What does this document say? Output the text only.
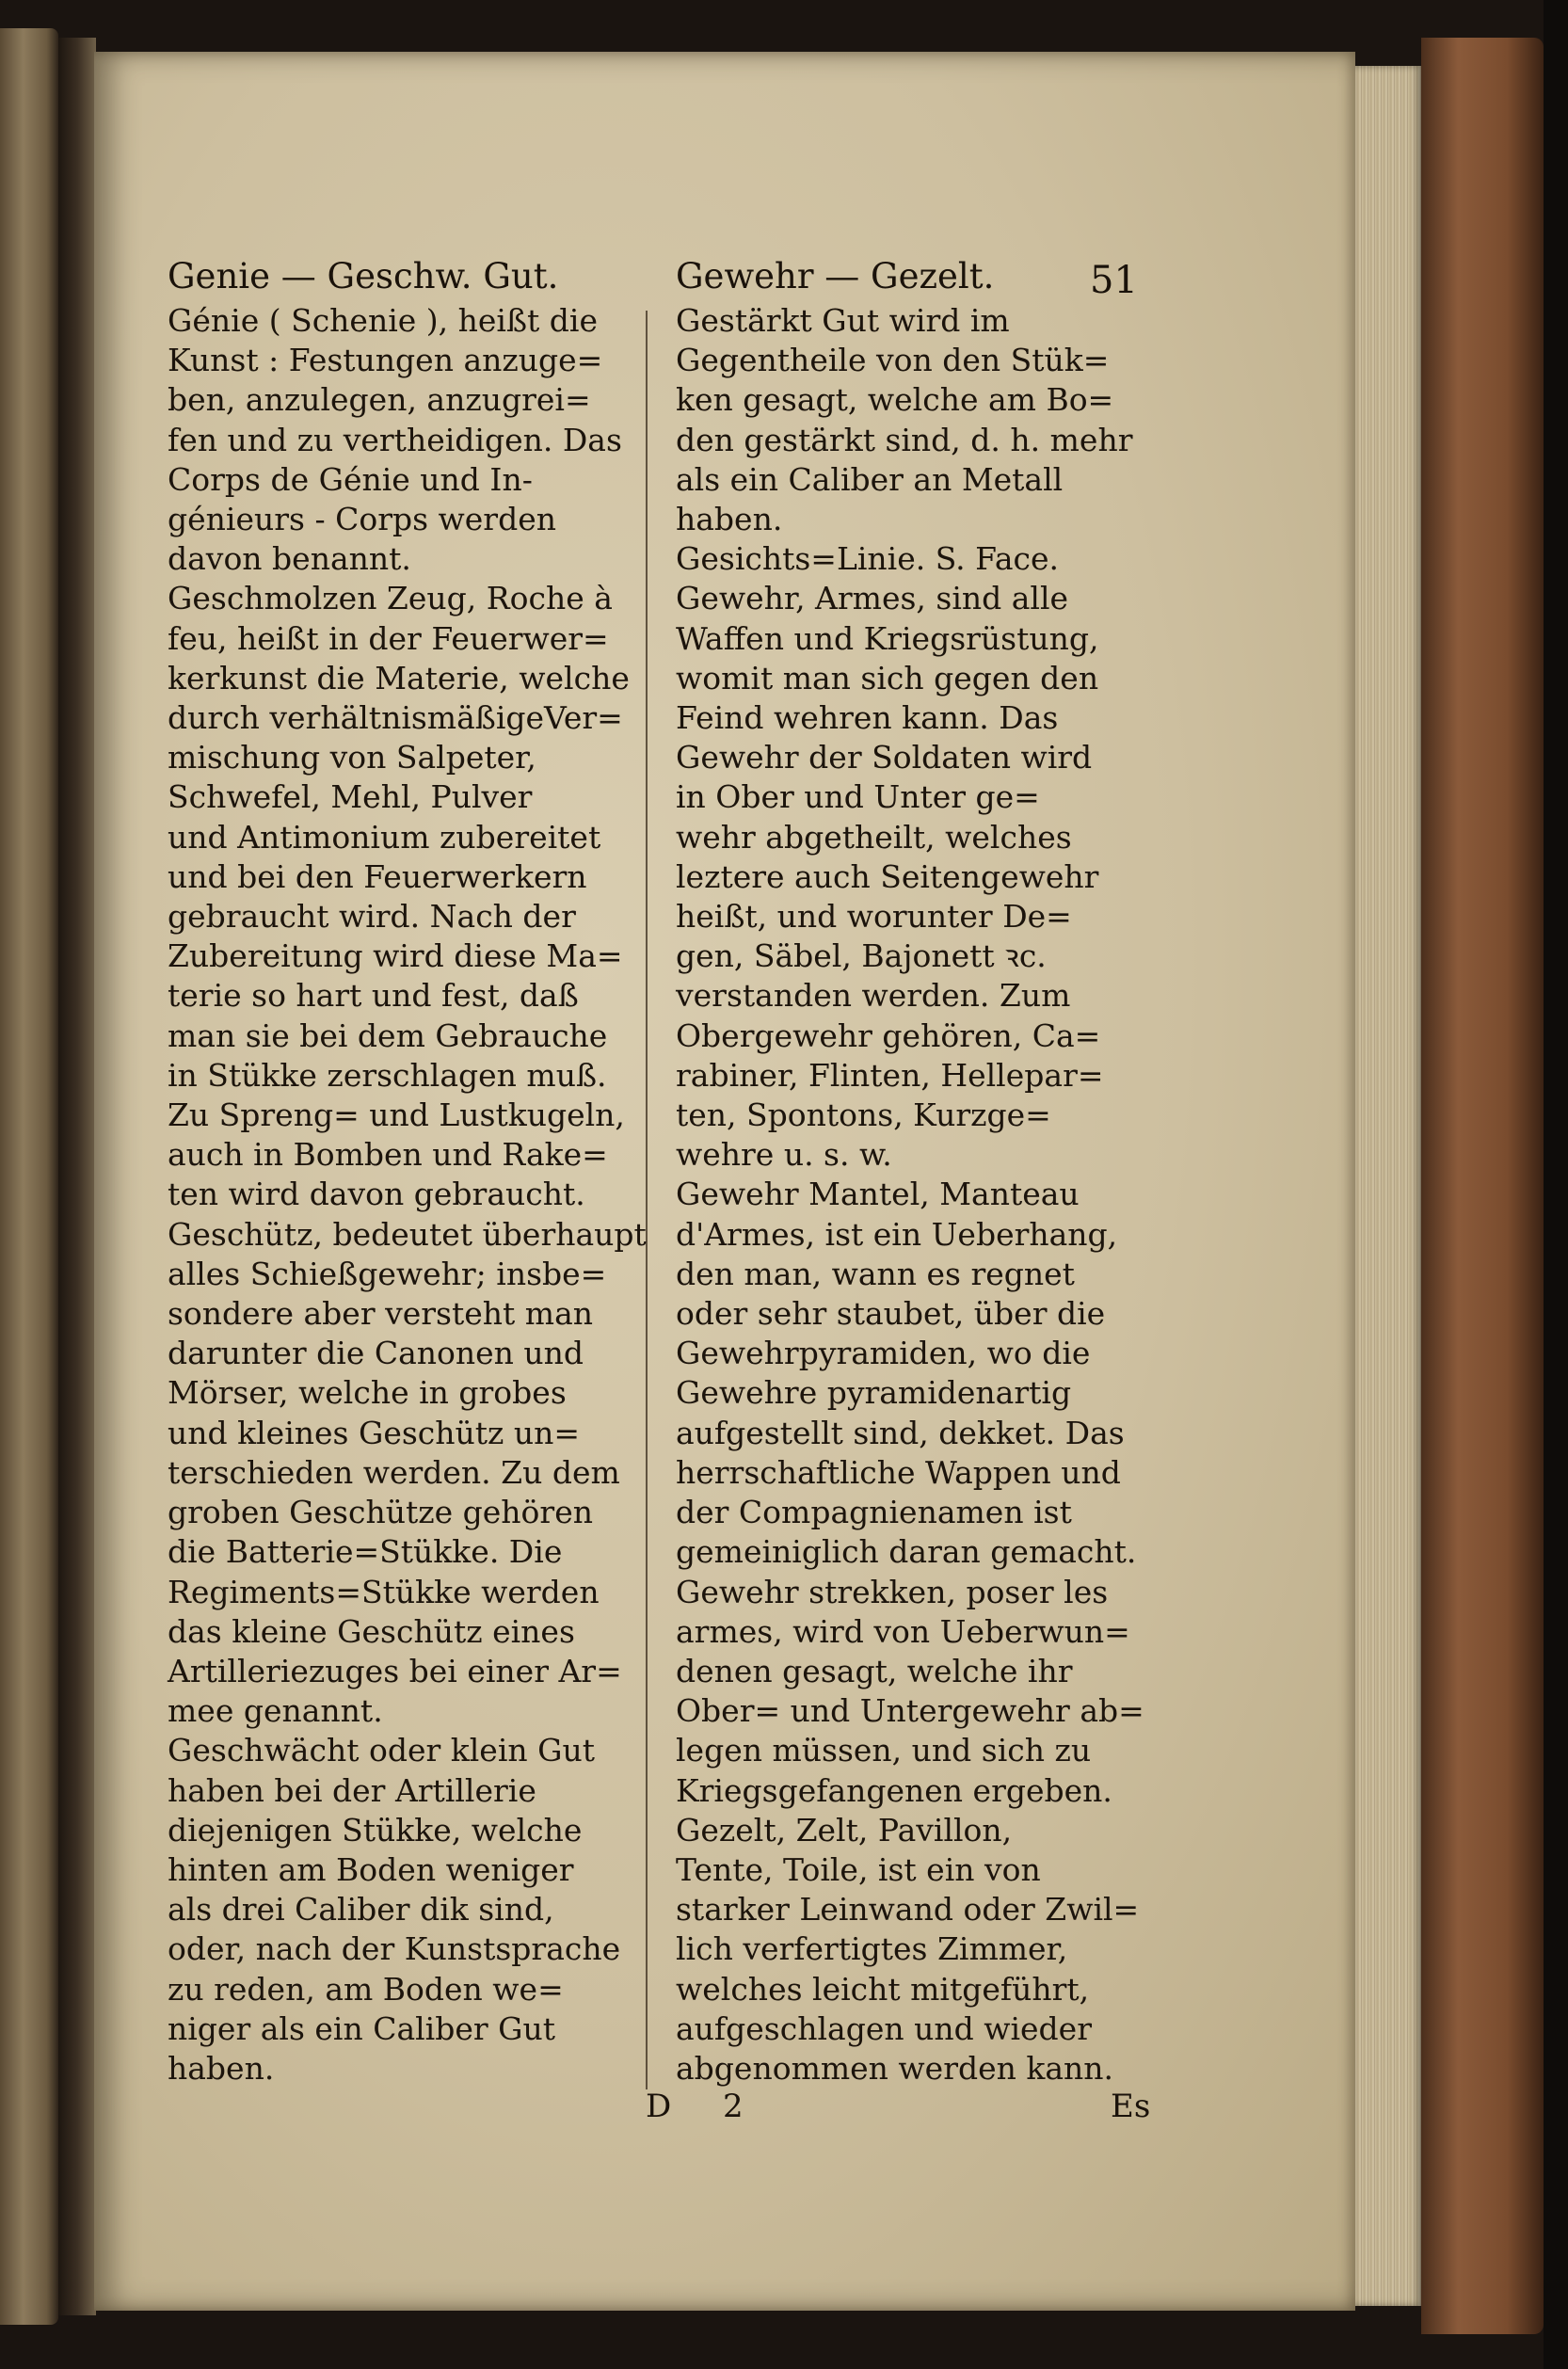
Genie — Geschw. Gut.	Gewehr — Gezelt.	51
Génie ( Schenie ), heißt die
Kunst : Festungen anzuge=
ben, anzulegen, anzugrei=
fen und zu vertheidigen. Das
Corps de Génie und In-
génieurs - Corps werden
davon benannt.
Geschmolzen Zeug, Roche à
feu, heißt in der Feuerwer=
kerkunst die Materie, welche
durch verhältnismäßigeVer=
mischung von Salpeter,
Schwefel, Mehl, Pulver
und Antimonium zubereitet
und bei den Feuerwerkern
gebraucht wird. Nach der
Zubereitung wird diese Ma=
terie so hart und fest, daß
man sie bei dem Gebrauche
in Stükke zerschlagen muß.
Zu Spreng= und Lustkugeln,
auch in Bomben und Rake=
ten wird davon gebraucht.
Geschütz, bedeutet überhaupt
alles Schießgewehr; insbe=
sondere aber versteht man
darunter die Canonen und
Mörser, welche in grobes
und kleines Geschütz un=
terschieden werden. Zu dem
groben Geschütze gehören
die Batterie=Stükke. Die
Regiments=Stükke werden
das kleine Geschütz eines
Artilleriezuges bei einer Ar=
mee genannt.
Geschwächt oder klein Gut
haben bei der Artillerie
diejenigen Stükke, welche
hinten am Boden weniger
als drei Caliber dik sind,
oder, nach der Kunstsprache
zu reden, am Boden we=
niger als ein Caliber Gut
haben.
Gestärkt Gut wird im
Gegentheile von den Stük=
ken gesagt, welche am Bo=
den gestärkt sind, d. h. mehr
als ein Caliber an Metall
haben.
Gesichts=Linie. S. Face.
Gewehr, Armes, sind alle
Waffen und Kriegsrüstung,
womit man sich gegen den
Feind wehren kann. Das
Gewehr der Soldaten wird
in Ober und Unter ge=
wehr abgetheilt, welches
leztere auch Seitengewehr
heißt, und worunter De=
gen, Säbel, Bajonett ꝛc.
verstanden werden. Zum
Obergewehr gehören, Ca=
rabiner, Flinten, Hellepar=
ten, Spontons, Kurzge=
wehre u. s. w.
Gewehr Mantel, Manteau
d'Armes, ist ein Ueberhang,
den man, wann es regnet
oder sehr staubet, über die
Gewehrpyramiden, wo die
Gewehre pyramidenartig
aufgestellt sind, dekket. Das
herrschaftliche Wappen und
der Compagnienamen ist
gemeiniglich daran gemacht.
Gewehr strekken, poser les
armes, wird von Ueberwun=
denen gesagt, welche ihr
Ober= und Untergewehr ab=
legen müssen, und sich zu
Kriegsgefangenen ergeben.
Gezelt, Zelt, Pavillon,
Tente, Toile, ist ein von
starker Leinwand oder Zwil=
lich verfertigtes Zimmer,
welches leicht mitgeführt,
aufgeschlagen und wieder
abgenommen werden kann.
D 2	Es
